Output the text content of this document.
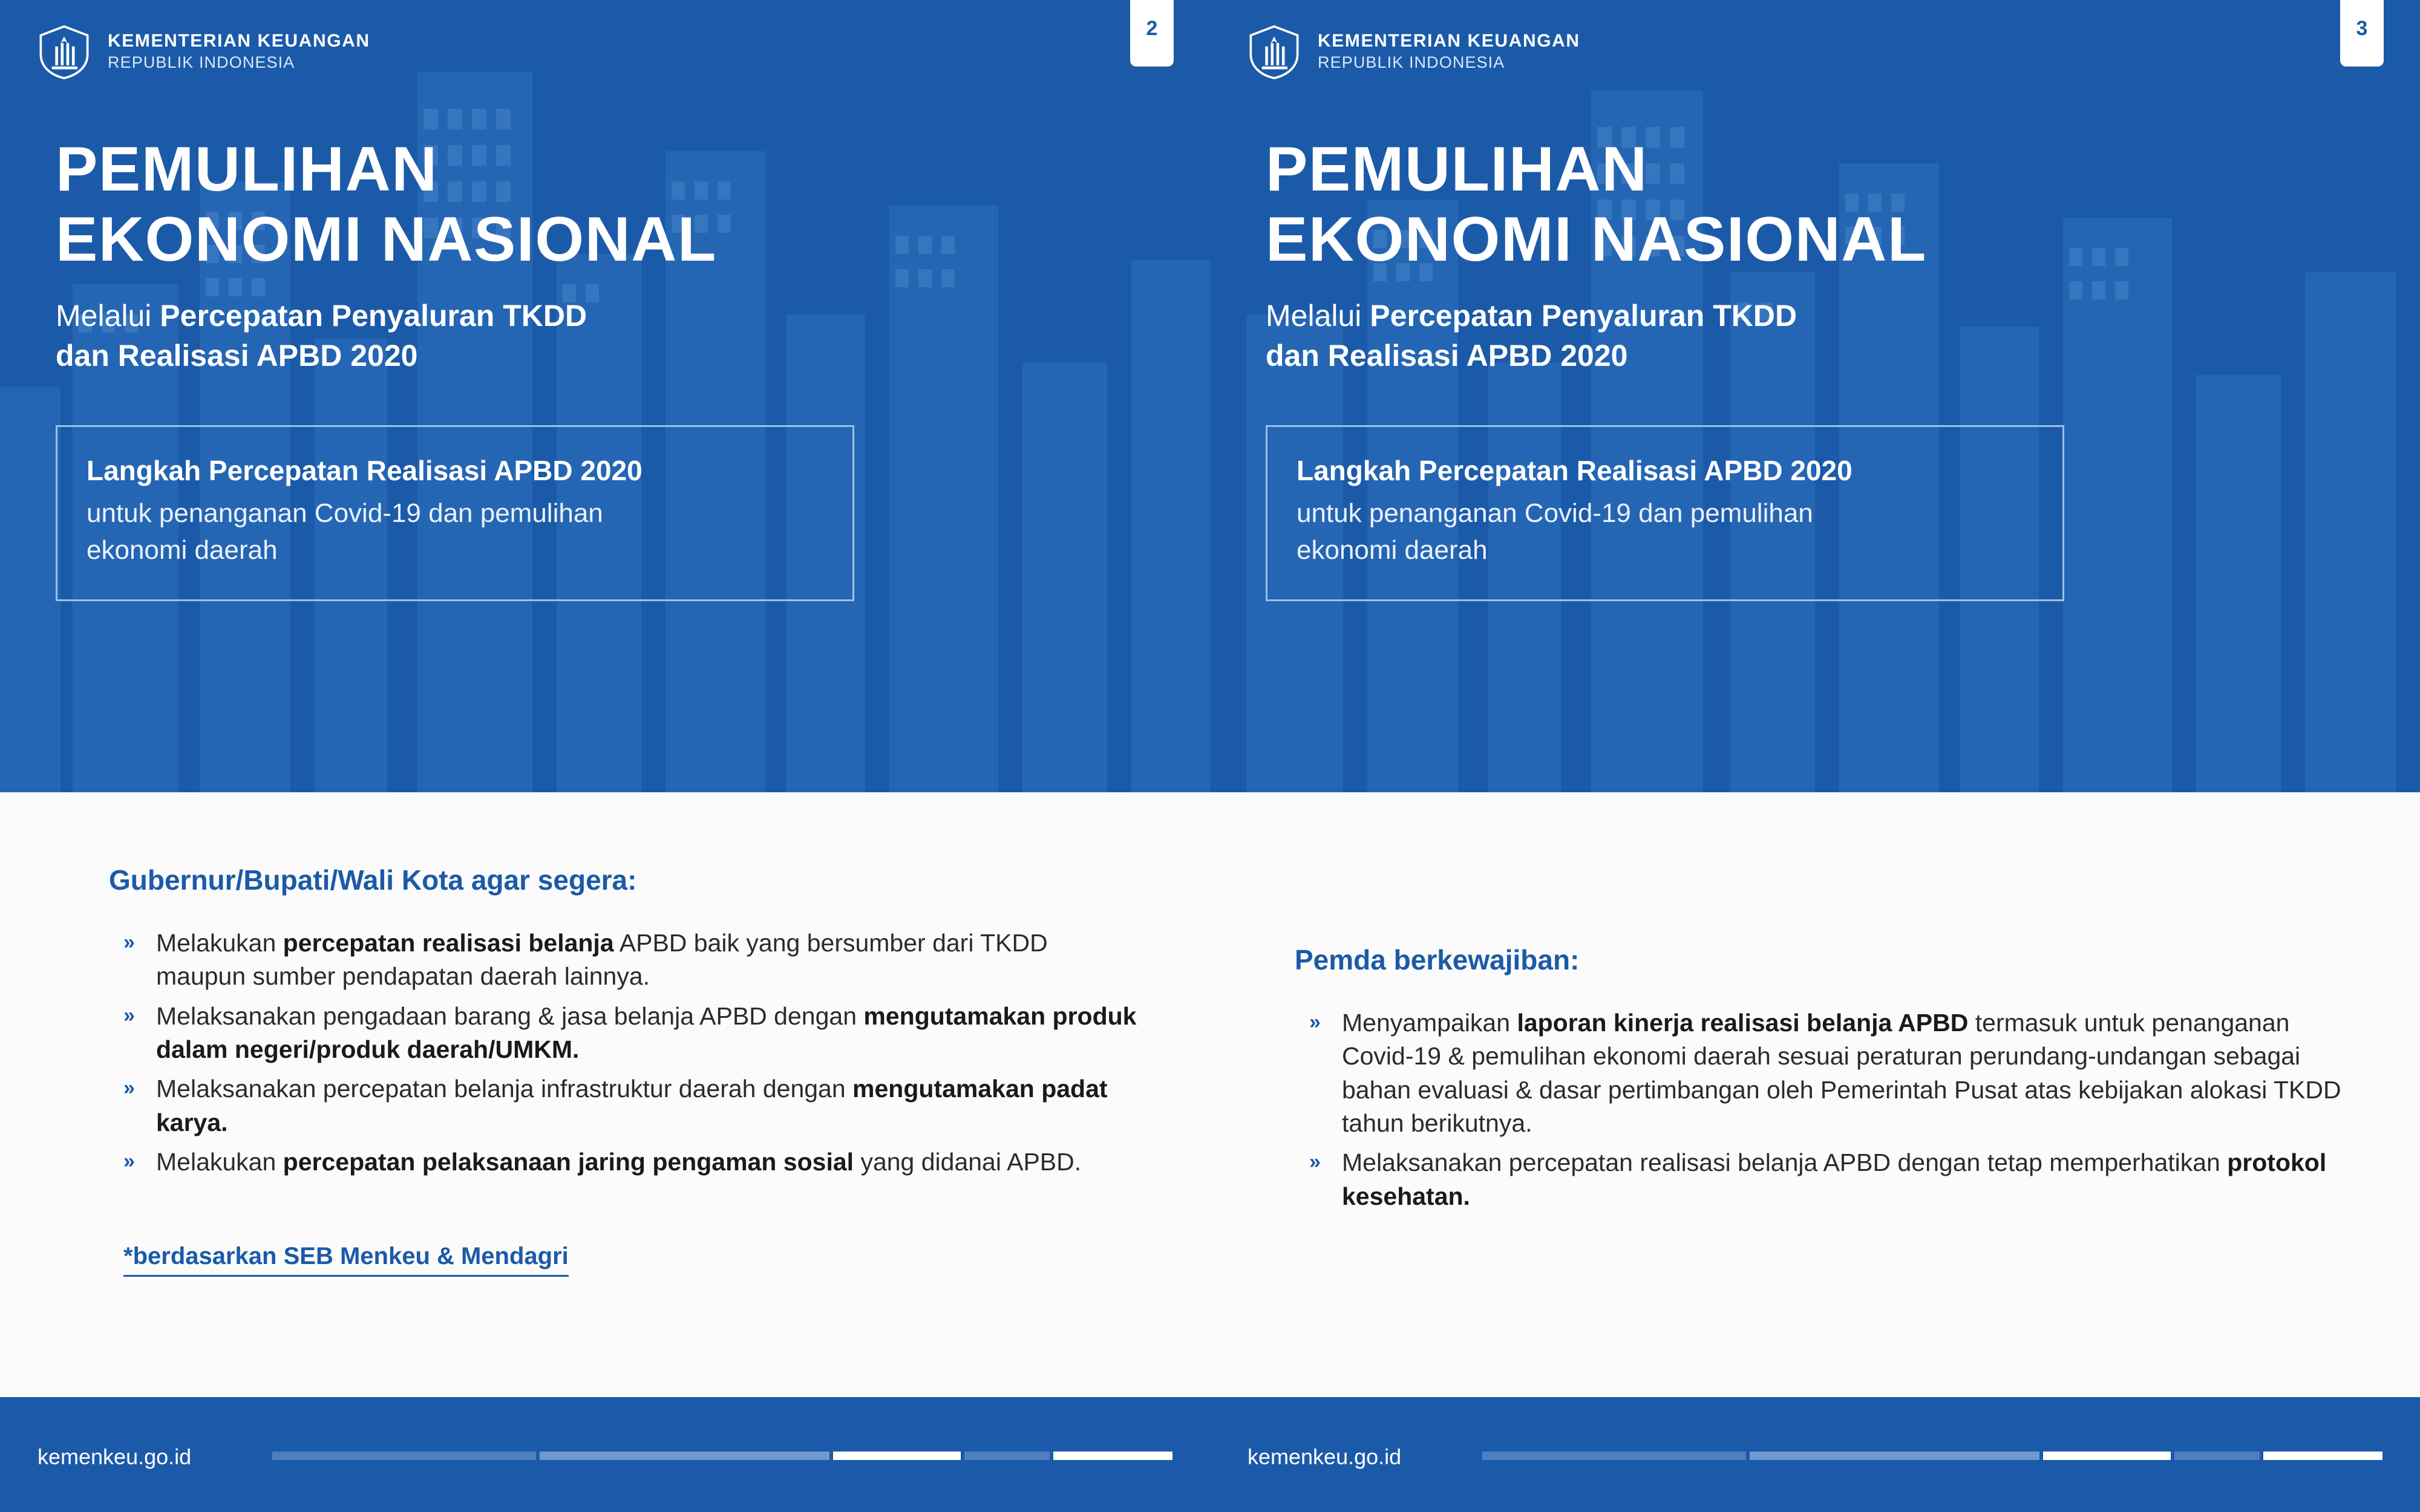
2
KEMENTERIAN KEUANGAN
REPUBLIK INDONESIA
PEMULIHAN
EKONOMI NASIONAL
Melalui Percepatan Penyaluran TKDD
dan Realisasi APBD 2020
Langkah Percepatan Realisasi APBD 2020
untuk penanganan Covid-19 dan pemulihan
ekonomi daerah
Gubernur/Bupati/Wali Kota agar segera:
» Melakukan percepatan realisasi belanja APBD baik yang bersumber dari TKDD maupun sumber pendapatan daerah lainnya.
» Melaksanakan pengadaan barang & jasa belanja APBD dengan mengutamakan produk dalam negeri/produk daerah/UMKM.
» Melaksanakan percepatan belanja infrastruktur daerah dengan mengutamakan padat karya.
» Melakukan percepatan pelaksanaan jaring pengaman sosial yang didanai APBD.
*berdasarkan SEB Menkeu & Mendagri
kemenkeu.go.id
3
KEMENTERIAN KEUANGAN
REPUBLIK INDONESIA
PEMULIHAN
EKONOMI NASIONAL
Melalui Percepatan Penyaluran TKDD
dan Realisasi APBD 2020
Langkah Percepatan Realisasi APBD 2020
untuk penanganan Covid-19 dan pemulihan
ekonomi daerah
Pemda berkewajiban:
» Menyampaikan laporan kinerja realisasi belanja APBD termasuk untuk penanganan Covid-19 & pemulihan ekonomi daerah sesuai peraturan perundang-undangan sebagai bahan evaluasi & dasar pertimbangan oleh Pemerintah Pusat atas kebijakan alokasi TKDD tahun berikutnya.
» Melaksanakan percepatan realisasi belanja APBD dengan tetap memperhatikan protokol kesehatan.
kemenkeu.go.id
